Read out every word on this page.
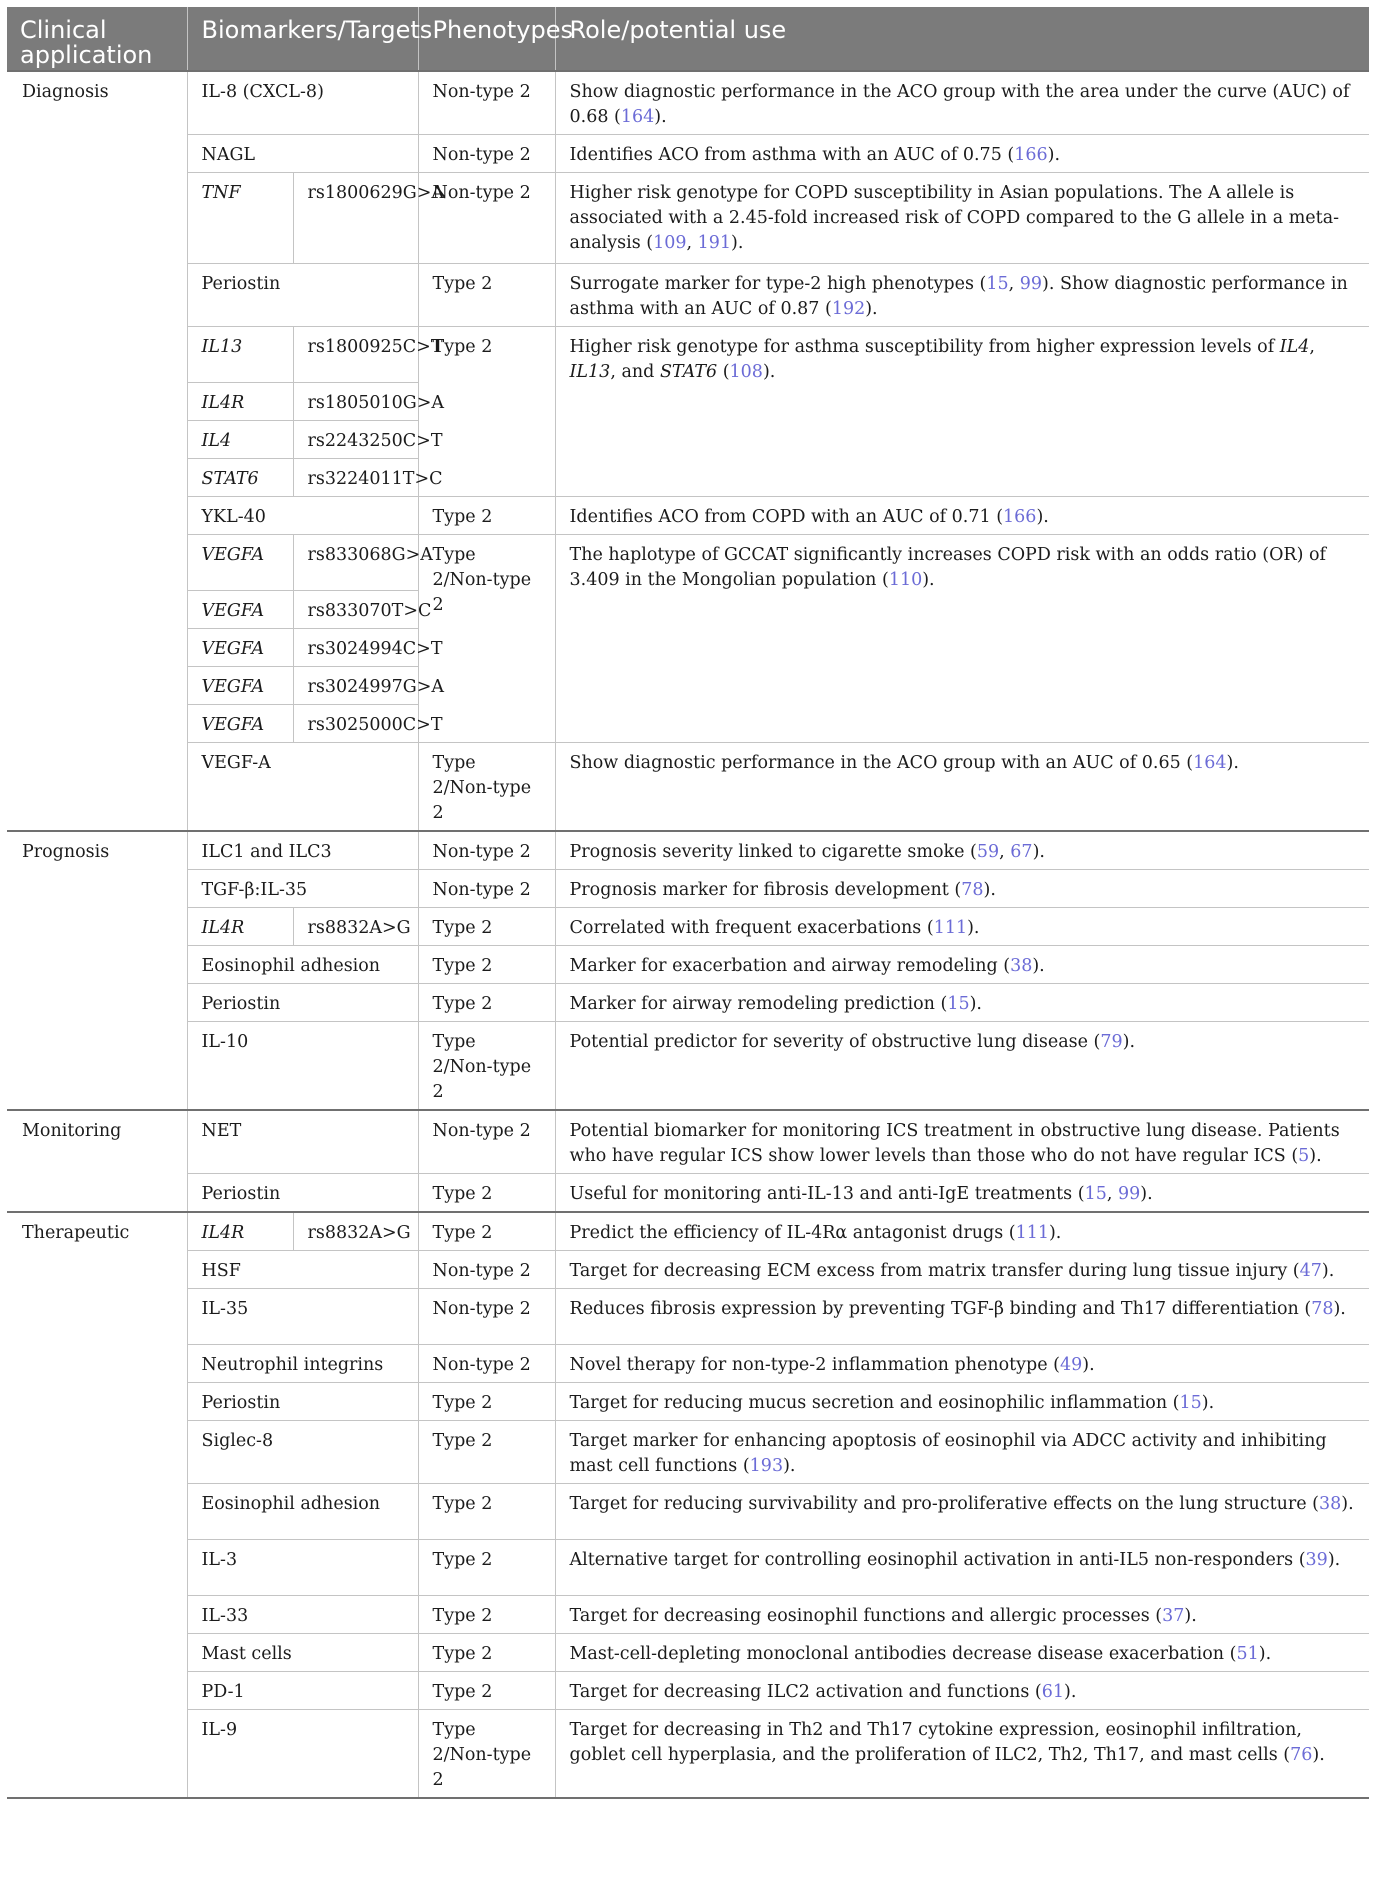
Clinical application	Biomarkers/Targets		Phenotypes	Role/potential use
Diagnosis	IL-8 (CXCL-8)		Non-type 2	Show diagnostic performance in the ACO group with the area under the curve (AUC) of 0.68 (164).
	NAGL		Non-type 2	Identifies ACO from asthma with an AUC of 0.75 (166).
	TNF	rs1800629G>A	Non-type 2	Higher risk genotype for COPD susceptibility in Asian populations. The A allele is associated with a 2.45-fold increased risk of COPD compared to the G allele in a meta-analysis (109, 191).
	Periostin		Type 2	Surrogate marker for type-2 high phenotypes (15, 99). Show diagnostic performance in asthma with an AUC of 0.87 (192).
	IL13	rs1800925C>T	Type 2	Higher risk genotype for asthma susceptibility from higher expression levels of IL4, IL13, and STAT6 (108).
	IL4R	rs1805010G>A		
	IL4	rs2243250C>T		
	STAT6	rs3224011T>C		
	YKL-40		Type 2	Identifies ACO from COPD with an AUC of 0.71 (166).
	VEGFA	rs833068G>A	Type 2/Non-type 2	The haplotype of GCCAT significantly increases COPD risk with an odds ratio (OR) of 3.409 in the Mongolian population (110).
	VEGFA	rs833070T>C		
	VEGFA	rs3024994C>T		
	VEGFA	rs3024997G>A		
	VEGFA	rs3025000C>T		
	VEGF-A		Type 2/Non-type 2	Show diagnostic performance in the ACO group with an AUC of 0.65 (164).
Prognosis	ILC1 and ILC3		Non-type 2	Prognosis severity linked to cigarette smoke (59, 67).
	TGF-β:IL-35		Non-type 2	Prognosis marker for fibrosis development (78).
	IL4R	rs8832A>G	Type 2	Correlated with frequent exacerbations (111).
	Eosinophil adhesion		Type 2	Marker for exacerbation and airway remodeling (38).
	Periostin		Type 2	Marker for airway remodeling prediction (15).
	IL-10		Type 2/Non-type 2	Potential predictor for severity of obstructive lung disease (79).
Monitoring	NET		Non-type 2	Potential biomarker for monitoring ICS treatment in obstructive lung disease. Patients who have regular ICS show lower levels than those who do not have regular ICS (5).
	Periostin		Type 2	Useful for monitoring anti-IL-13 and anti-IgE treatments (15, 99).
Therapeutic	IL4R	rs8832A>G	Type 2	Predict the efficiency of IL-4Rα antagonist drugs (111).
	HSF		Non-type 2	Target for decreasing ECM excess from matrix transfer during lung tissue injury (47).
	IL-35		Non-type 2	Reduces fibrosis expression by preventing TGF-β binding and Th17 differentiation (78).
	Neutrophil integrins		Non-type 2	Novel therapy for non-type-2 inflammation phenotype (49).
	Periostin		Type 2	Target for reducing mucus secretion and eosinophilic inflammation (15).
	Siglec-8		Type 2	Target marker for enhancing apoptosis of eosinophil via ADCC activity and inhibiting mast cell functions (193).
	Eosinophil adhesion		Type 2	Target for reducing survivability and pro-proliferative effects on the lung structure (38).
	IL-3		Type 2	Alternative target for controlling eosinophil activation in anti-IL5 non-responders (39).
	IL-33		Type 2	Target for decreasing eosinophil functions and allergic processes (37).
	Mast cells		Type 2	Mast-cell-depleting monoclonal antibodies decrease disease exacerbation (51).
	PD-1		Type 2	Target for decreasing ILC2 activation and functions (61).
	IL-9		Type 2/Non-type 2	Target for decreasing in Th2 and Th17 cytokine expression, eosinophil infiltration, goblet cell hyperplasia, and the proliferation of ILC2, Th2, Th17, and mast cells (76).
